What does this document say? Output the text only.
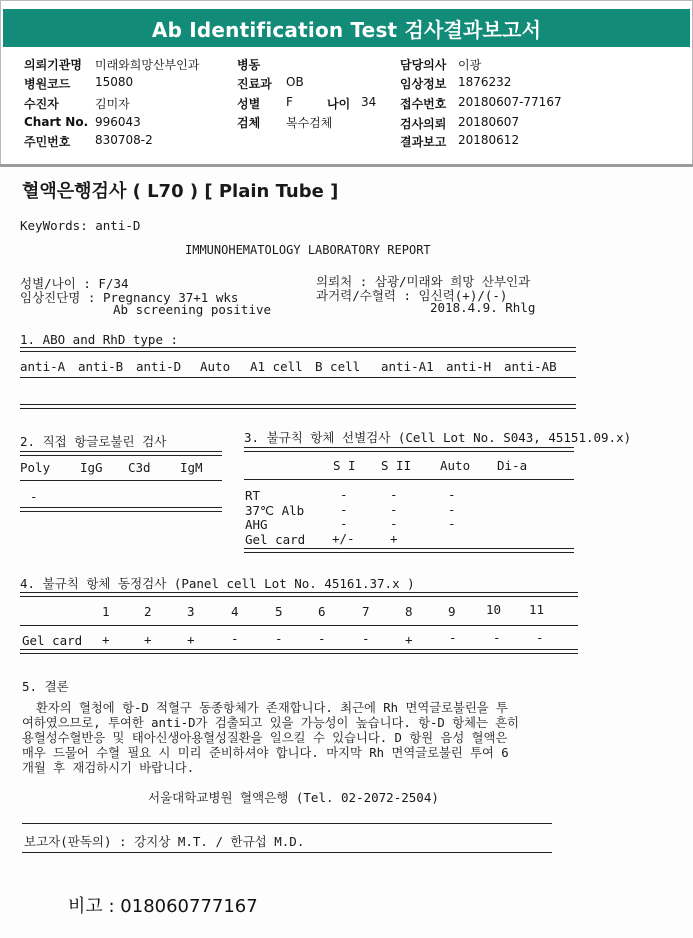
Ab Identification Test 검사결과보고서
의뢰기관명 미래와희망산부인과
병원코드 15080
수진자	김미자
Chart No. 996043
주민번호 830708-2
병동
진료과 OB
성별 F	나이 34
검체 복수검체
담당의사 이광
임상정보 1876232
접수번호 20180607-77167
검사의뢰 20180607
결과보고 20180612
혈액은행검사 ( L70 ) [ Plain Tube ]
KeyWords: anti-D
IMMUNOHEMATOLOGY LABORATORY REPORT
성별/나이 : F/34
임상진단명 : Pregnancy 37+1 wks
Ab screening positive
의뢰처 : 삼광/미래와 희망 산부인과
과거력/수혈력 : 임신력(+)/(-)
2018.4.9. Rhlg
1. ABO and RhD type :
anti-A anti-B anti-D Auto A1 cell B cell anti-A1 anti-H anti-AB
2. 직접 항글로불린 검사
Poly IgG C3d IgM
-
3. 불규칙 항체 선별검사 (Cell Lot No. S043, 45151.09.x)
S I S II Auto Di-a
RT	-	-	-
37℃ Alb	-	-	-
AHG	-	-	-
Gel card +/-	+
4. 불규칙 항체 동정검사 (Panel cell Lot No. 45161.37.x )
1	2	3	4	5	6	7	8	9 10 11
Gel card +	+	+	-	-	-	-	+	-	-	-
5. 결론
환자의 혈청에 항-D 적혈구 동종항체가 존재합니다. 최근에 Rh 면역글로불린을 투
여하였으므로, 투여한 anti-D가 검출되고 있을 가능성이 높습니다. 항-D 항체는 흔히
용혈성수혈반응 및 태아신생아용혈성질환을 일으킬 수 있습니다. D 항원 음성 혈액은
매우 드물어 수혈 필요 시 미리 준비하셔야 합니다. 마지막 Rh 면역글로불린 투여 6
개월 후 재검하시기 바랍니다.
서울대학교병원 혈액은행 (Tel. 02-2072-2504)
보고자(판독의) : 강지상 M.T. / 한규섭 M.D.
비고 : 018060777167
